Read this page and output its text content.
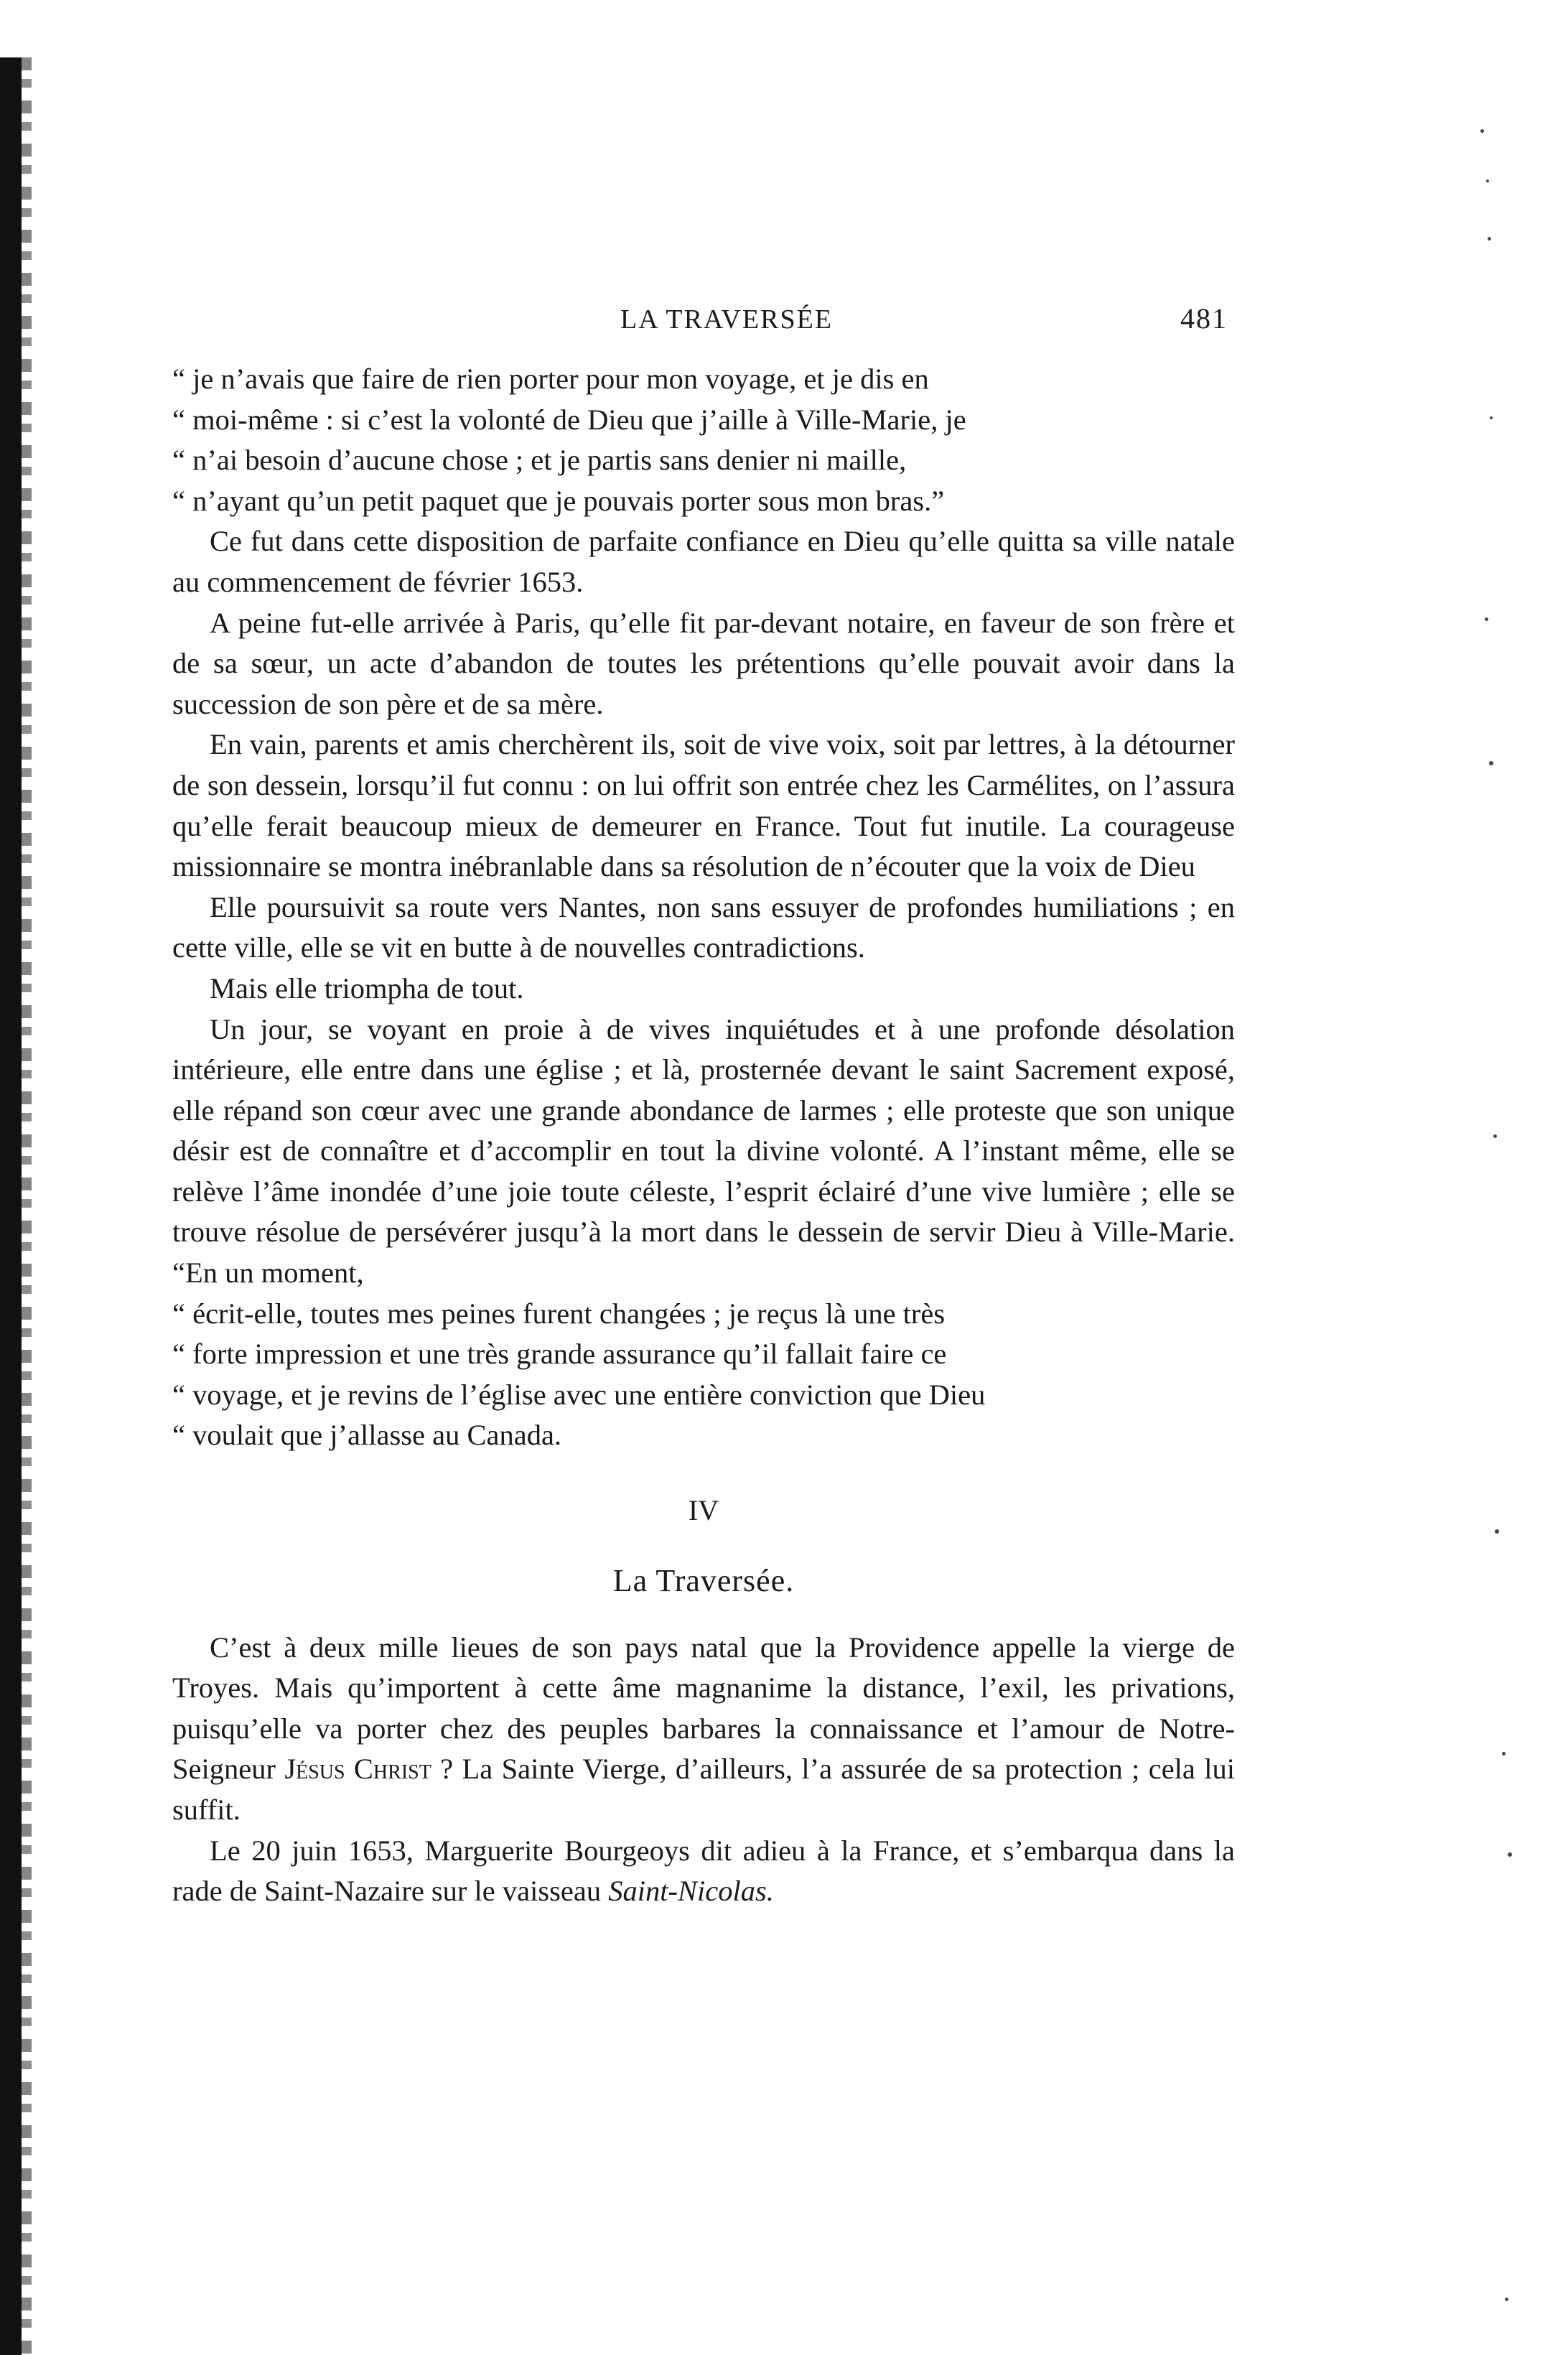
LA TRAVERSÉE	481

“ je n’avais que faire de rien porter pour mon voyage, et je dis en

“ moi-même : si c’est la volonté de Dieu que j’aille à Ville-Marie, je

“ n’ai besoin d’aucune chose ; et je partis sans denier ni maille,

“ n’ayant qu’un petit paquet que je pouvais porter sous mon bras.”

Ce fut dans cette disposition de parfaite confiance en Dieu qu’elle quitta sa ville natale au commencement de février 1653.

A peine fut-elle arrivée à Paris, qu’elle fit par-devant notaire, en faveur de son frère et de sa sœur, un acte d’abandon de toutes les prétentions qu’elle pouvait avoir dans la succession de son père et de sa mère.

En vain, parents et amis cherchèrent ils, soit de vive voix, soit par lettres, à la détourner de son dessein, lorsqu’il fut connu : on lui offrit son entrée chez les Carmélites, on l’assura qu’elle ferait beaucoup mieux de demeurer en France. Tout fut inutile. La courageuse missionnaire se montra inébranlable dans sa résolution de n’écouter que la voix de Dieu

Elle poursuivit sa route vers Nantes, non sans essuyer de profondes humiliations ; en cette ville, elle se vit en butte à de nouvelles contradictions.

Mais elle triompha de tout.

Un jour, se voyant en proie à de vives inquiétudes et à une profonde désolation intérieure, elle entre dans une église ; et là, prosternée devant le saint Sacrement exposé, elle répand son cœur avec une grande abondance de larmes ; elle proteste que son unique désir est de connaître et d’accomplir en tout la divine volonté. A l’instant même, elle se relève l’âme inondée d’une joie toute céleste, l’esprit éclairé d’une vive lumière ; elle se trouve résolue de persévérer jusqu’à la mort dans le dessein de servir Dieu à Ville-Marie. “En un moment,

“ écrit-elle, toutes mes peines furent changées ; je reçus là une très

“ forte impression et une très grande assurance qu’il fallait faire ce

“ voyage, et je revins de l’église avec une entière conviction que Dieu

“ voulait que j’allasse au Canada.

IV
La Traversée.

C’est à deux mille lieues de son pays natal que la Providence appelle la vierge de Troyes. Mais qu’importent à cette âme magnanime la distance, l’exil, les privations, puisqu’elle va porter chez des peuples barbares la connaissance et l’amour de Notre-Seigneur Jésus Christ ? La Sainte Vierge, d’ailleurs, l’a assurée de sa protection ; cela lui suffit.

Le 20 juin 1653, Marguerite Bourgeoys dit adieu à la France, et s’embarqua dans la rade de Saint-Nazaire sur le vaisseau Saint-Nicolas.
